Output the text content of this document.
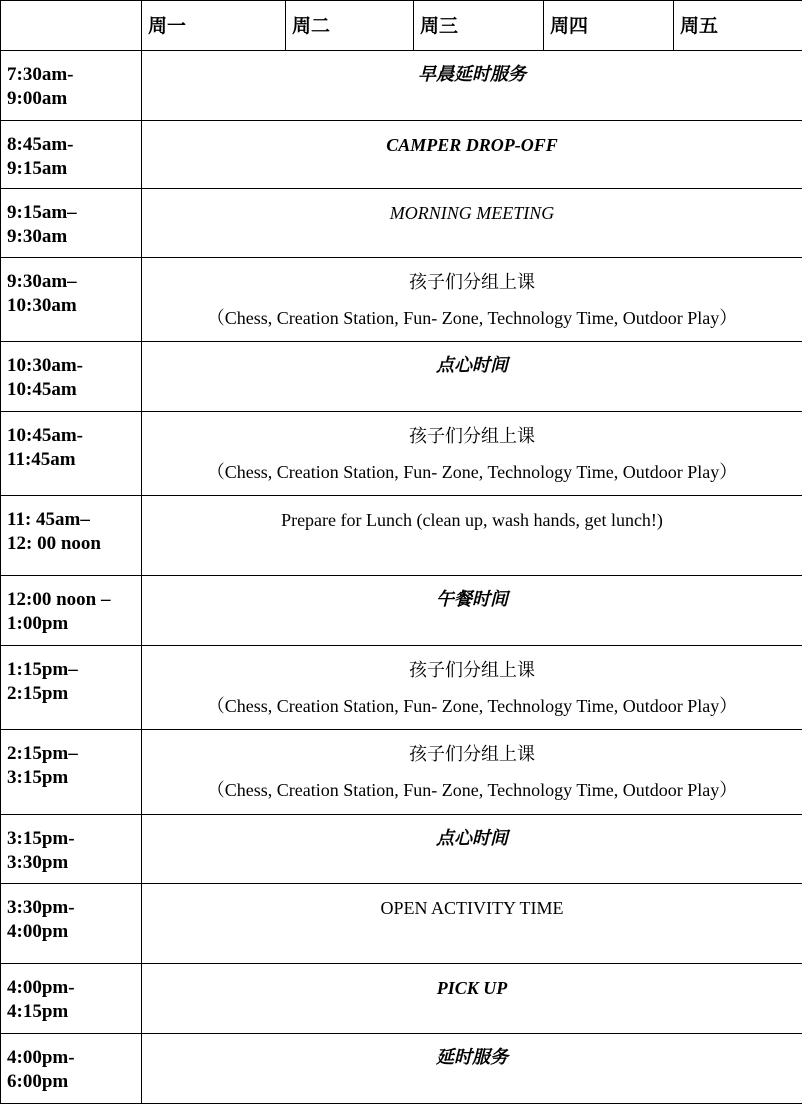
	周一	周二	周三	周四	周五

7:30am-
9:00am	早晨延时服务				

8:45am-
9:15am	CAMPER DROP-OFF				

9:15am–
9:30am	MORNING MEETING				

9:30am–
10:30am	孩子们分组上课
（Chess, Creation Station, Fun- Zone, Technology Time, Outdoor Play）				

10:30am-
10:45am	点心时间				

10:45am-
11:45am	孩子们分组上课
（Chess, Creation Station, Fun- Zone, Technology Time, Outdoor Play）				

11: 45am–
12: 00 noon	Prepare for Lunch (clean up, wash hands, get lunch!)				

12:00 noon –
1:00pm	午餐时间				

1:15pm–
2:15pm	孩子们分组上课
（Chess, Creation Station, Fun- Zone, Technology Time, Outdoor Play）				

2:15pm–
3:15pm	孩子们分组上课
（Chess, Creation Station, Fun- Zone, Technology Time, Outdoor Play）				

3:15pm-
3:30pm	点心时间				

3:30pm-
4:00pm	OPEN ACTIVITY TIME				

4:00pm-
4:15pm	PICK UP				

4:00pm-
6:00pm	延时服务				
